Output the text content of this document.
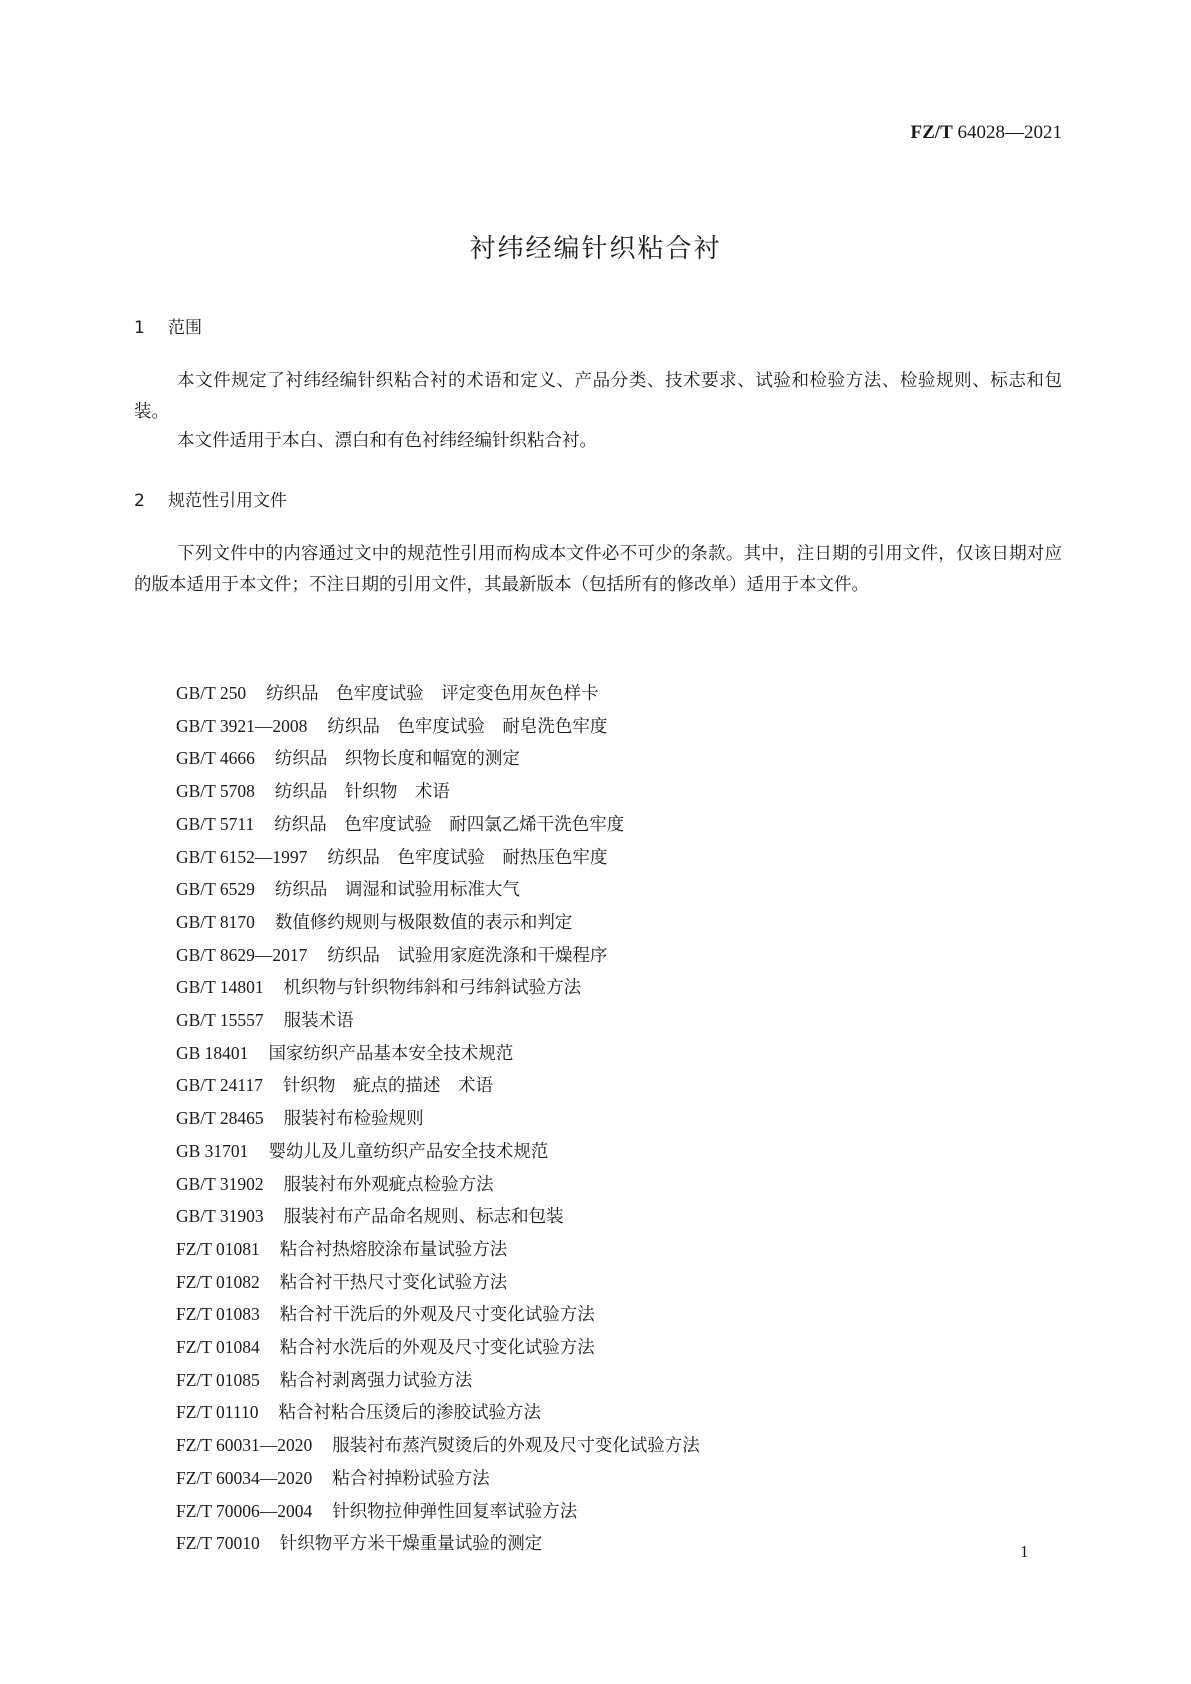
FZ/T 64028—2021
衬纬经编针织粘合衬
1 范围

本文件规定了衬纬经编针织粘合衬的术语和定义、产品分类、技术要求、试验和检验方法、检验规则、标志和包装。

本文件适用于本白、漂白和有色衬纬经编针织粘合衬。

2 规范性引用文件

下列文件中的内容通过文中的规范性引用而构成本文件必不可少的条款。其中，注日期的引用文件，仅该日期对应的版本适用于本文件；不注日期的引用文件，其最新版本（包括所有的修改单）适用于本文件。

GB/T 250 纺织品　色牢度试验　评定变色用灰色样卡
GB/T 3921—2008 纺织品　色牢度试验　耐皂洗色牢度
GB/T 4666 纺织品　织物长度和幅宽的测定
GB/T 5708 纺织品　针织物　术语
GB/T 5711 纺织品　色牢度试验　耐四氯乙烯干洗色牢度
GB/T 6152—1997 纺织品　色牢度试验　耐热压色牢度
GB/T 6529 纺织品　调湿和试验用标准大气
GB/T 8170 数值修约规则与极限数值的表示和判定
GB/T 8629—2017 纺织品　试验用家庭洗涤和干燥程序
GB/T 14801 机织物与针织物纬斜和弓纬斜试验方法
GB/T 15557 服装术语
GB 18401 国家纺织产品基本安全技术规范
GB/T 24117 针织物　疵点的描述　术语
GB/T 28465 服装衬布检验规则
GB 31701 婴幼儿及儿童纺织产品安全技术规范
GB/T 31902 服装衬布外观疵点检验方法
GB/T 31903 服装衬布产品命名规则、标志和包装
FZ/T 01081 粘合衬热熔胶涂布量试验方法
FZ/T 01082 粘合衬干热尺寸变化试验方法
FZ/T 01083 粘合衬干洗后的外观及尺寸变化试验方法
FZ/T 01084 粘合衬水洗后的外观及尺寸变化试验方法
FZ/T 01085 粘合衬剥离强力试验方法
FZ/T 01110 粘合衬粘合压烫后的渗胶试验方法
FZ/T 60031—2020 服装衬布蒸汽熨烫后的外观及尺寸变化试验方法
FZ/T 60034—2020 粘合衬掉粉试验方法
FZ/T 70006—2004 针织物拉伸弹性回复率试验方法
FZ/T 70010 针织物平方米干燥重量试验的测定	1
